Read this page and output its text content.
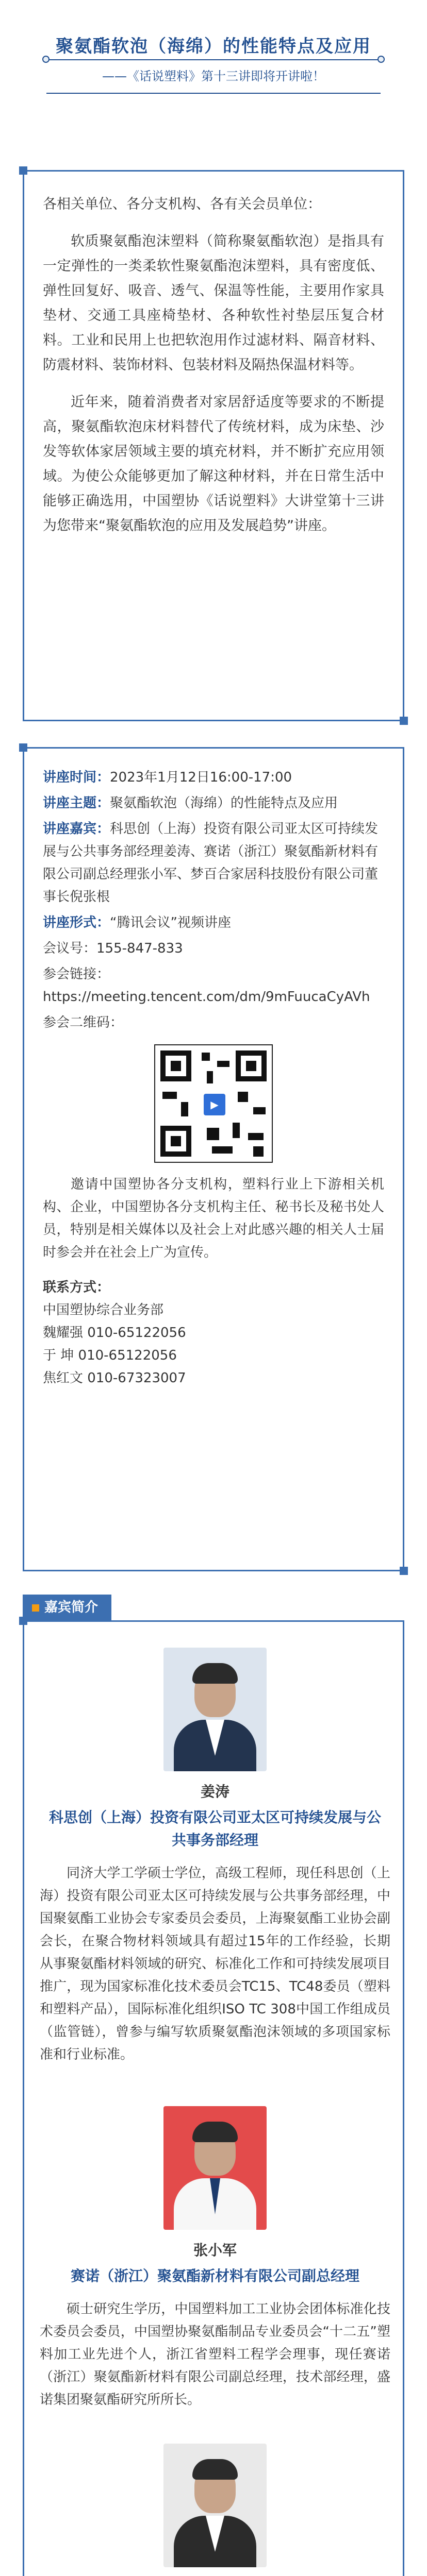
聚氨酯软泡（海绵）的性能特点及应用
——《话说塑料》第十三讲即将开讲啦！
各相关单位、各分支机构、各有关会员单位：
软质聚氨酯泡沫塑料（简称聚氨酯软泡）是指具有一定弹性的一类柔软性聚氨酯泡沫塑料，具有密度低、弹性回复好、吸音、透气、保温等性能，主要用作家具垫材、交通工具座椅垫材、各种软性衬垫层压复合材料。工业和民用上也把软泡用作过滤材料、隔音材料、防震材料、装饰材料、包装材料及隔热保温材料等。
近年来，随着消费者对家居舒适度等要求的不断提高，聚氨酯软泡床材料替代了传统材料，成为床垫、沙发等软体家居领域主要的填充材料，并不断扩充应用领域。为使公众能够更加了解这种材料，并在日常生活中能够正确选用，中国塑协《话说塑料》大讲堂第十三讲为您带来“聚氨酯软泡的应用及发展趋势”讲座。
讲座时间：2023年1月12日16:00-17:00
讲座主题：聚氨酯软泡（海绵）的性能特点及应用
讲座嘉宾：科思创（上海）投资有限公司亚太区可持续发展与公共事务部经理姜涛、赛诺（浙江）聚氨酯新材料有限公司副总经理张小军、梦百合家居科技股份有限公司董事长倪张根
讲座形式：“腾讯会议”视频讲座
会议号：155-847-833
参会链接：
https://meeting.tencent.com/dm/9mFuucaCyAVh
参会二维码：
▶
邀请中国塑协各分支机构，塑料行业上下游相关机构、企业，中国塑协各分支机构主任、秘书长及秘书处人员，特别是相关媒体以及社会上对此感兴趣的相关人士届时参会并在社会上广为宣传。
联系方式：
中国塑协综合业务部
魏耀强 010-65122056
于 坤 010-65122056
焦红文 010-67323007
嘉宾简介
姜涛
科思创（上海）投资有限公司亚太区可持续发展与公共事务部经理
同济大学工学硕士学位，高级工程师，现任科思创（上海）投资有限公司亚太区可持续发展与公共事务部经理，中国聚氨酯工业协会专家委员会委员，上海聚氨酯工业协会副会长，在聚合物材料领域具有超过15年的工作经验，长期从事聚氨酯材料领域的研究、标准化工作和可持续发展项目推广，现为国家标准化技术委员会TC15、TC48委员（塑料和塑料产品），国际标准化组织ISO TC 308中国工作组成员（监管链），曾参与编写软质聚氨酯泡沫领域的多项国家标准和行业标准。
张小军
赛诺（浙江）聚氨酯新材料有限公司副总经理
硕士研究生学历，中国塑料加工工业协会团体标准化技术委员会委员，中国塑协聚氨酯制品专业委员会“十二五”塑料加工业先进个人，浙江省塑料工程学会理事，现任赛诺（浙江）聚氨酯新材料有限公司副总经理，技术部经理，盛诺集团聚氨酯研究所所长。
